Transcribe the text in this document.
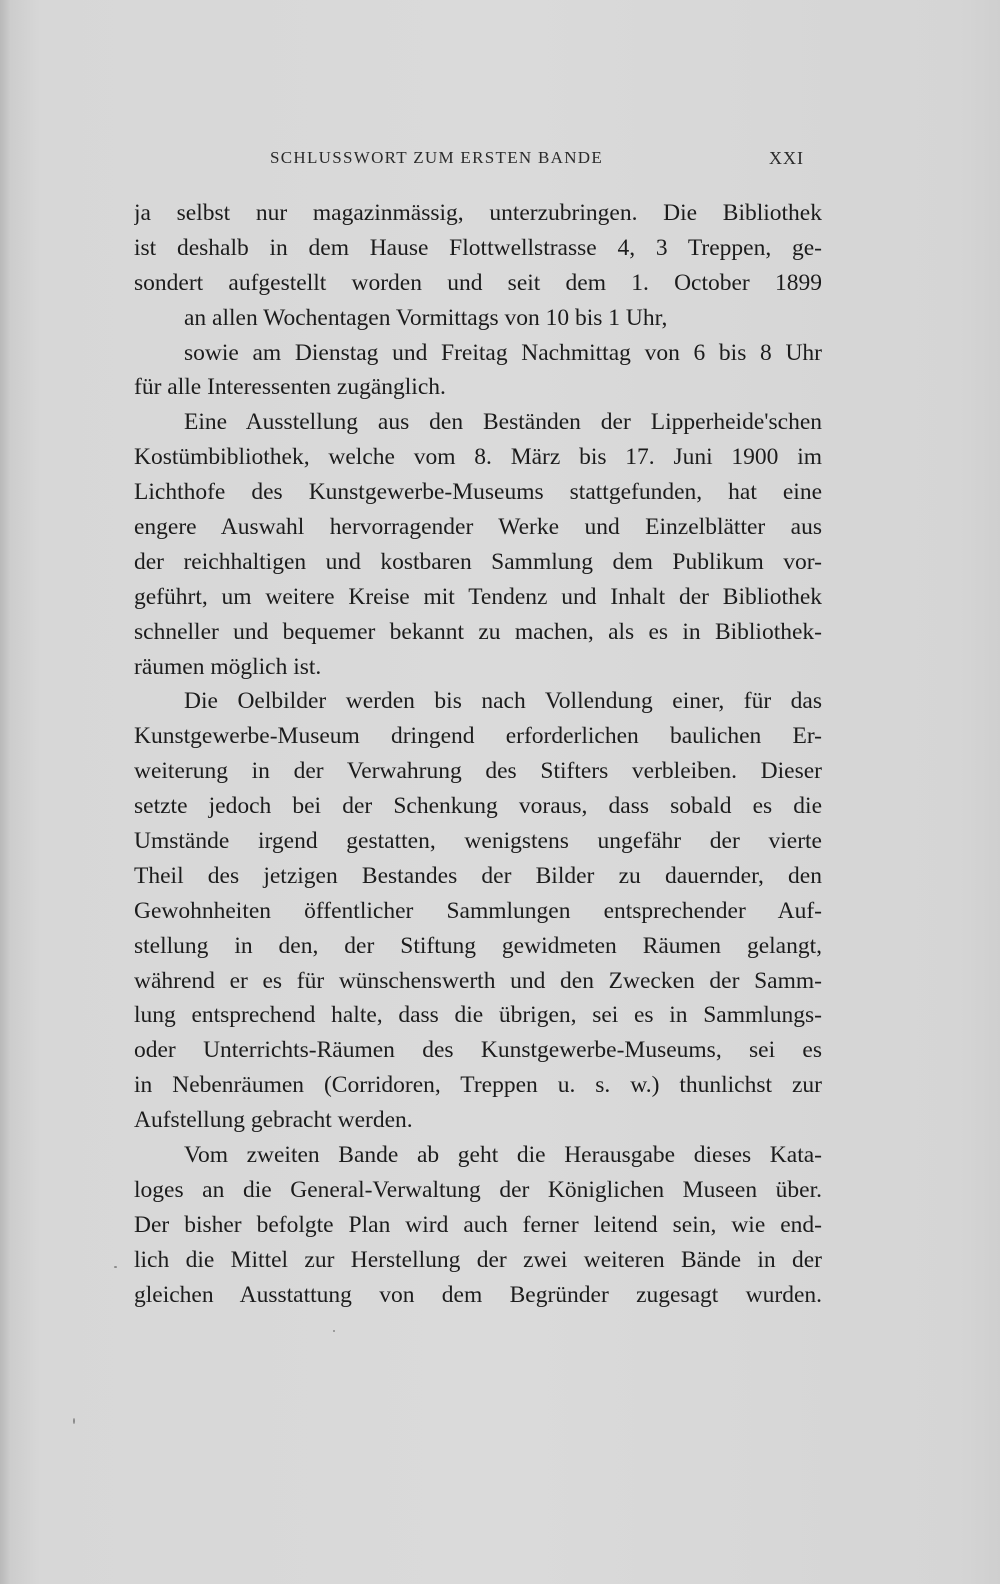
SCHLUSSWORT ZUM ERSTEN BANDE	XXI
ja selbst nur magazinmässig, unterzubringen. Die Bibliothek
ist deshalb in dem Hause Flottwellstrasse 4, 3 Treppen, ge-
sondert aufgestellt worden und seit dem 1. October 1899
an allen Wochentagen Vormittags von 10 bis 1 Uhr,
sowie am Dienstag und Freitag Nachmittag von 6 bis 8 Uhr
für alle Interessenten zugänglich.
Eine Ausstellung aus den Beständen der Lipperheide'schen
Kostümbibliothek, welche vom 8. März bis 17. Juni 1900 im
Lichthofe des Kunstgewerbe-Museums stattgefunden, hat eine
engere Auswahl hervorragender Werke und Einzelblätter aus
der reichhaltigen und kostbaren Sammlung dem Publikum vor-
geführt, um weitere Kreise mit Tendenz und Inhalt der Bibliothek
schneller und bequemer bekannt zu machen, als es in Bibliothek-
räumen möglich ist.
Die Oelbilder werden bis nach Vollendung einer, für das
Kunstgewerbe-Museum dringend erforderlichen baulichen Er-
weiterung in der Verwahrung des Stifters verbleiben. Dieser
setzte jedoch bei der Schenkung voraus, dass sobald es die
Umstände irgend gestatten, wenigstens ungefähr der vierte
Theil des jetzigen Bestandes der Bilder zu dauernder, den
Gewohnheiten öffentlicher Sammlungen entsprechender Auf-
stellung in den, der Stiftung gewidmeten Räumen gelangt,
während er es für wünschenswerth und den Zwecken der Samm-
lung entsprechend halte, dass die übrigen, sei es in Sammlungs-
oder Unterrichts-Räumen des Kunstgewerbe-Museums, sei es
in Nebenräumen (Corridoren, Treppen u. s. w.) thunlichst zur
Aufstellung gebracht werden.
Vom zweiten Bande ab geht die Herausgabe dieses Kata-
loges an die General-Verwaltung der Königlichen Museen über.
Der bisher befolgte Plan wird auch ferner leitend sein, wie end-
lich die Mittel zur Herstellung der zwei weiteren Bände in der
gleichen Ausstattung von dem Begründer zugesagt wurden.
